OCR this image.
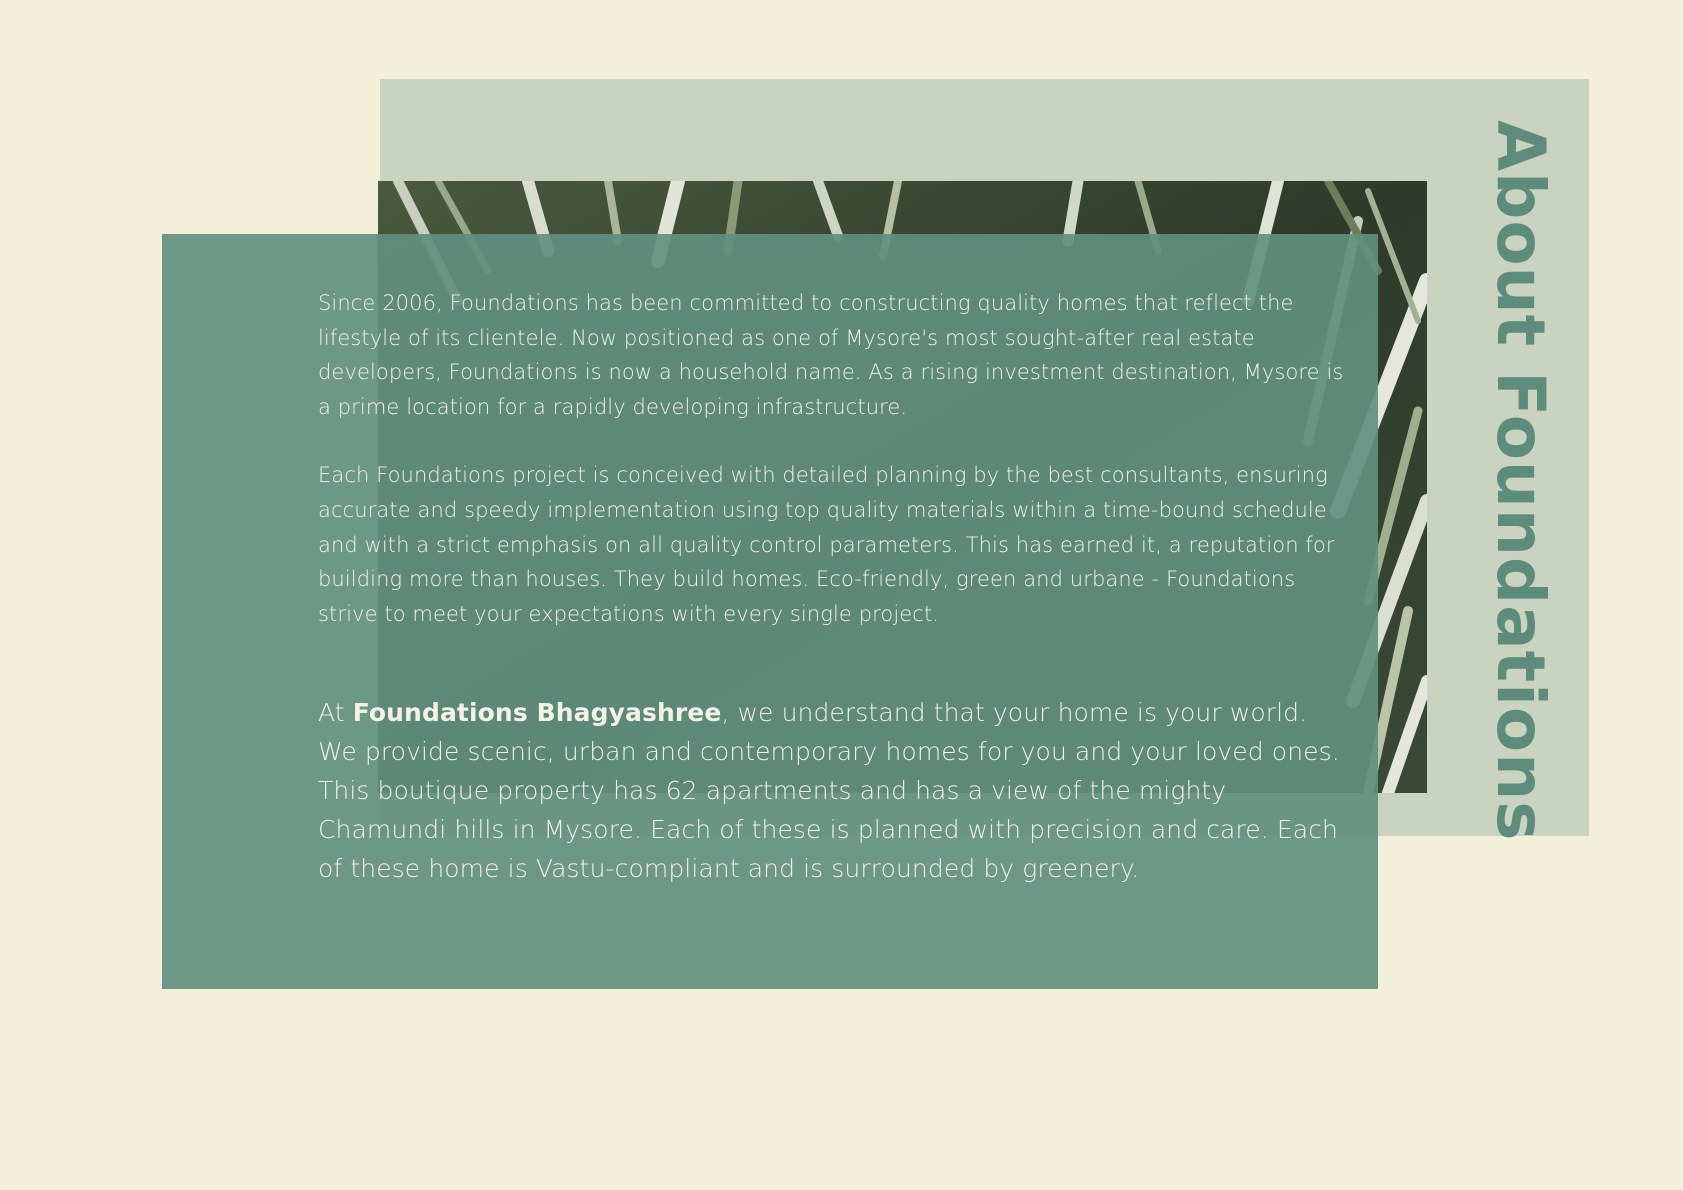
About Foundations

Since 2006, Foundations has been committed to constructing quality homes that reflect the lifestyle of its clientele. Now positioned as one of Mysore's most sought-after real estate developers, Foundations is now a household name. As a rising investment destination, Mysore is a prime location for a rapidly developing infrastructure.

Each Foundations project is conceived with detailed planning by the best consultants, ensuring accurate and speedy implementation using top quality materials within a time-bound schedule and with a strict emphasis on all quality control parameters. This has earned it, a reputation for building more than houses. They build homes. Eco-friendly, green and urbane - Foundations strive to meet your expectations with every single project.

At Foundations Bhagyashree, we understand that your home is your world.
We provide scenic, urban and contemporary homes for you and your loved ones.
This boutique property has 62 apartments and has a view of the mighty Chamundi hills in Mysore. Each of these is planned with precision and care. Each of these home is Vastu-compliant and is surrounded by greenery.
